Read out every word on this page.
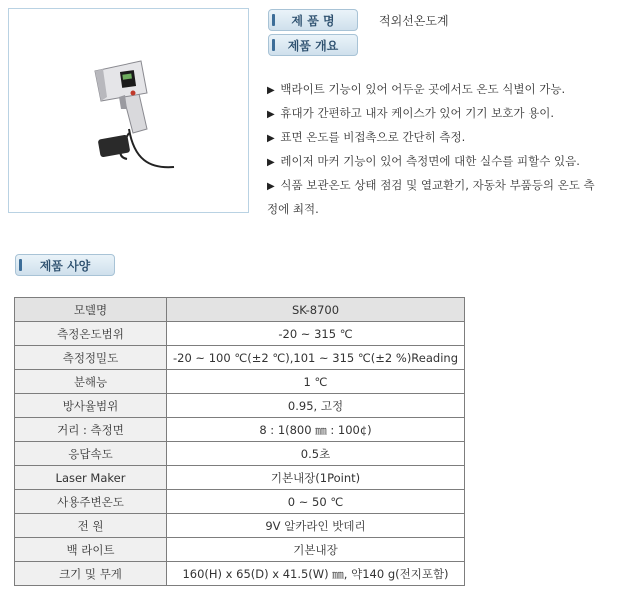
제 품 명	적외선온도계
제품 개요
▶ 백라이트 기능이 있어 어두운 곳에서도 온도 식별이 가능.
▶ 휴대가 간편하고 내자 케이스가 있어 기기 보호가 용이.
▶ 표면 온도를 비접촉으로 간단히 측정.
▶ 레이저 마커 기능이 있어 측정면에 대한 실수를 피할수 있음.
▶ 식품 보관온도 상태 점검 및 열교환기, 자동차 부품등의 온도 측정에 최적.
제품 사양
모델명	SK-8700
측정온도범위	-20 ~ 315 ℃
측정정밀도	-20 ~ 100 ℃(±2 ℃),101 ~ 315 ℃(±2 %)Reading
분해능	1 ℃
방사율범위	0.95, 고정
거리 : 측정면	8 : 1(800 ㎜ : 100¢)
응답속도	0.5초
Laser Maker	기본내장(1Point)
사용주변온도	0 ~ 50 ℃
전 원	9V 알카라인 밧데리
백 라이트	기본내장
크기 및 무게	160(H) x 65(D) x 41.5(W) ㎜, 약140 g(전지포함)
